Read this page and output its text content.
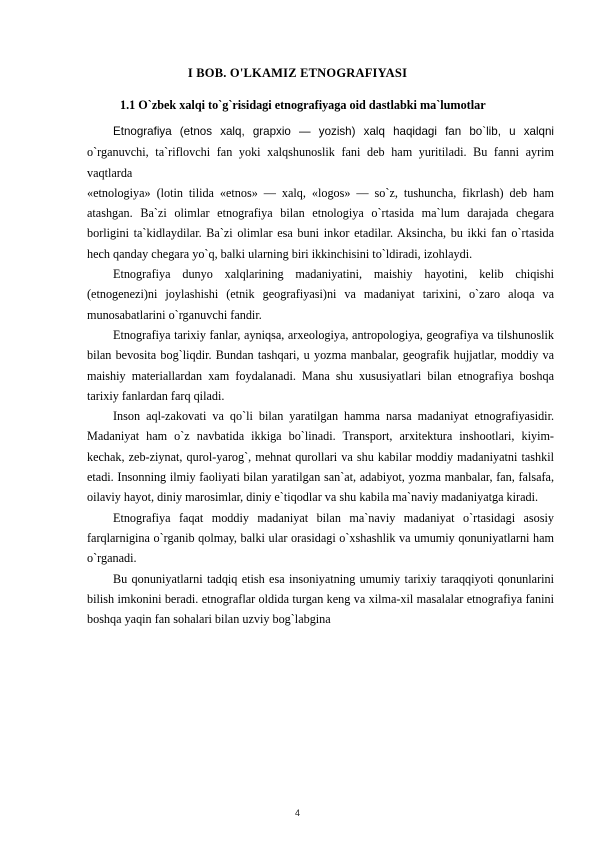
I BOB. O'LKAMIZ ETNOGRAFIYASI
1.1 O`zbek xalqi to`g`risidagi etnografiyaga oid dastlabki ma`lumotlar

Etnografiya (etnos xalq, grapxio — yozish) xalq haqidagi fan bo`lib, u xalqni o`rganuvchi, ta`riflovchi fan yoki xalqshunoslik fani deb ham yuritiladi. Bu fanni ayrim vaqtlarda

«etnologiya» (lotin tilida «etnos» — xalq, «logos» — so`z, tushuncha, fikrlash) deb ham atashgan. Ba`zi olimlar etnografiya bilan etnologiya o`rtasida ma`lum darajada chegara borligini ta`kidlaydilar. Ba`zi olimlar esa buni inkor etadilar. Aksincha, bu ikki fan o`rtasida hech qanday chegara yo`q, balki ularning biri ikkinchisini to`ldiradi, izohlaydi.

Etnografiya dunyo xalqlarining madaniyatini, maishiy hayotini, kelib chiqishi (etnogenezi)ni joylashishi (etnik geografiyasi)ni va madaniyat tarixini, o`zaro aloqa va munosabatlarini o`rganuvchi fandir.

Etnografiya tarixiy fanlar, ayniqsa, arxeologiya, antropologiya, geografiya va tilshunoslik bilan bevosita bog`liqdir. Bundan tashqari, u yozma manbalar, geografik hujjatlar, moddiy va maishiy materiallardan xam foydalanadi. Mana shu xususiyatlari bilan etnografiya boshqa tarixiy fanlardan farq qiladi.

Inson aql-zakovati va qo`li bilan yaratilgan hamma narsa madaniyat etnografiyasidir. Madaniyat ham o`z navbatida ikkiga bo`linadi. Transport, arxitektura inshootlari, kiyim-kechak, zeb-ziynat, qurol-yarog`, mehnat qurollari va shu kabilar moddiy madaniyatni tashkil etadi. Insonning ilmiy faoliyati bilan yaratilgan san`at, adabiyot, yozma manbalar, fan, falsafa, oilaviy hayot, diniy marosimlar, diniy e`tiqodlar va shu kabila ma`naviy madaniyatga kiradi.

Etnografiya faqat moddiy madaniyat bilan ma`naviy madaniyat o`rtasidagi asosiy farqlarnigina o`rganib qolmay, balki ular orasidagi o`xshashlik va umumiy qonuniyatlarni ham o`rganadi.

Bu qonuniyatlarni tadqiq etish esa insoniyatning umumiy tarixiy taraqqiyoti qonunlarini bilish imkonini beradi. etnograflar oldida turgan keng va xilma-xil masalalar etnografiya fanini boshqa yaqin fan sohalari bilan uzviy bog`labgina

4
